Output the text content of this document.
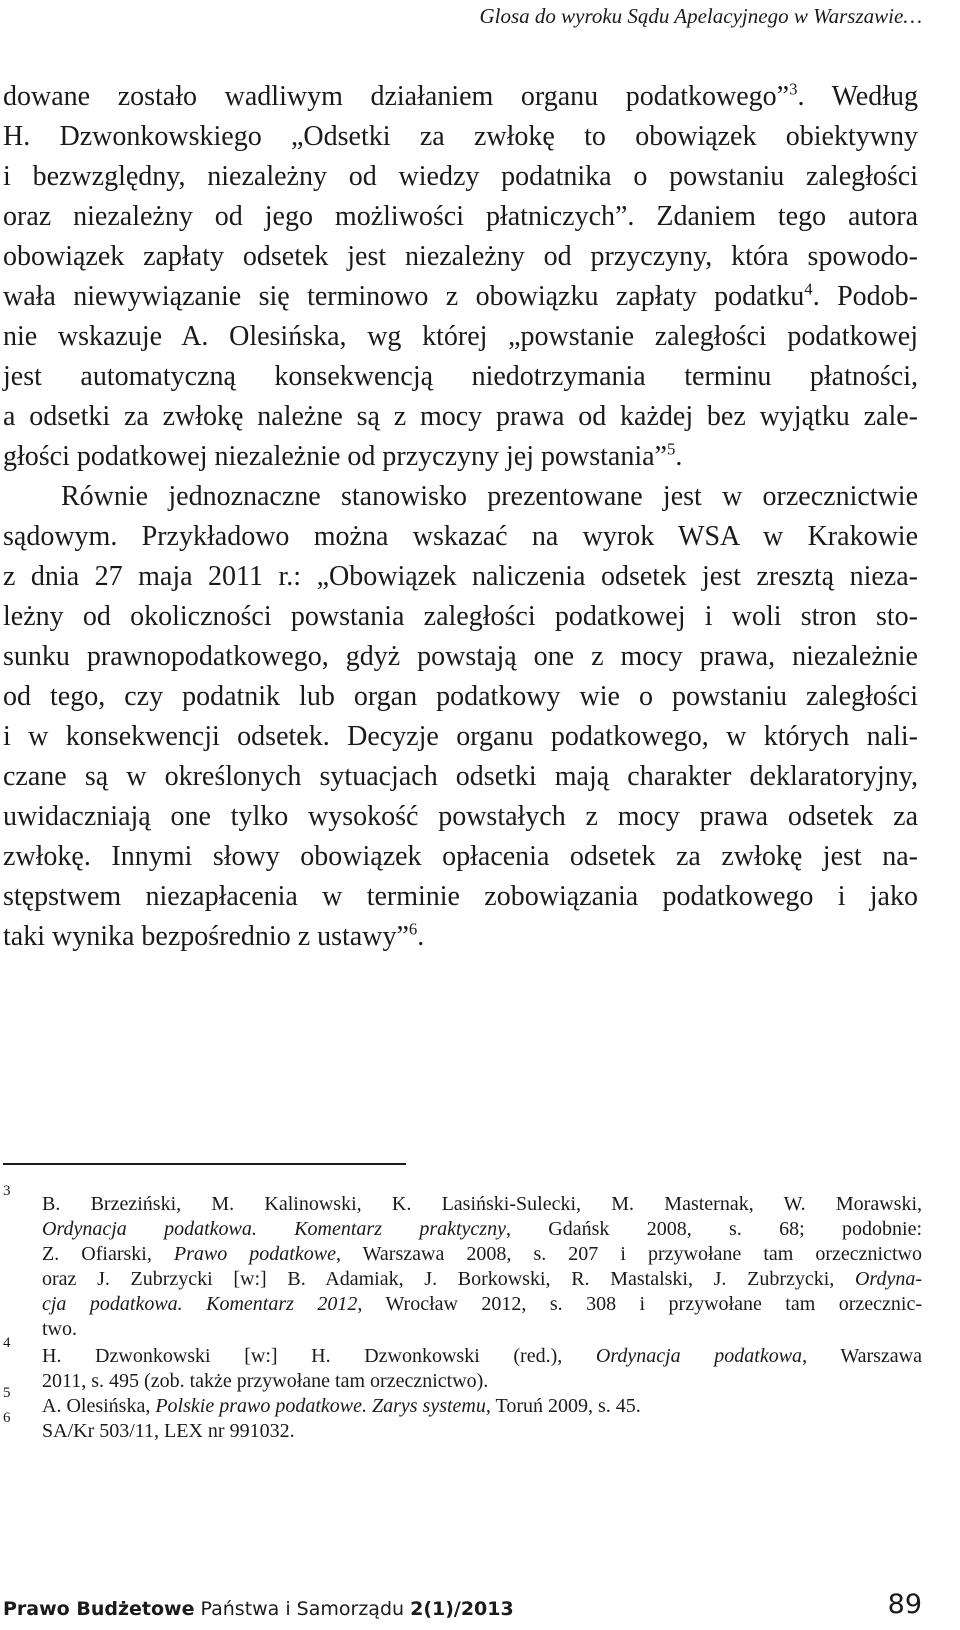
Glosa do wyroku Sądu Apelacyjnego w Warszawie…
dowane zostało wadliwym działaniem organu podatkowego”$^3$. Według
H. Dzwonkowskiego „Odsetki za zwłokę to obowiązek obiektywny
i bezwzględny, niezależny od wiedzy podatnika o powstaniu zaległości
oraz niezależny od jego możliwości płatniczych”. Zdaniem tego autora
obowiązek zapłaty odsetek jest niezależny od przyczyny, która spowodo-
wała niewywiązanie się terminowo z obowiązku zapłaty podatku$^4$. Podob-
nie wskazuje A. Olesińska, wg której „powstanie zaległości podatkowej
jest automatyczną konsekwencją niedotrzymania terminu płatności,
a odsetki za zwłokę należne są z mocy prawa od każdej bez wyjątku zale-
głości podatkowej niezależnie od przyczyny jej powstania”$^5$.
Równie jednoznaczne stanowisko prezentowane jest w orzecznictwie
sądowym. Przykładowo można wskazać na wyrok WSA w Krakowie
z dnia 27 maja 2011 r.: „Obowiązek naliczenia odsetek jest zresztą nieza-
leżny od okoliczności powstania zaległości podatkowej i woli stron sto-
sunku prawnopodatkowego, gdyż powstają one z mocy prawa, niezależnie
od tego, czy podatnik lub organ podatkowy wie o powstaniu zaległości
i w konsekwencji odsetek. Decyzje organu podatkowego, w których nali-
czane są w określonych sytuacjach odsetki mają charakter deklaratoryjny,
uwidaczniają one tylko wysokość powstałych z mocy prawa odsetek za
zwłokę. Innymi słowy obowiązek opłacenia odsetek za zwłokę jest na-
stępstwem niezapłacenia w terminie zobowiązania podatkowego i jako
taki wynika bezpośrednio z ustawy”$^6$.
3
B. Brzeziński, M. Kalinowski, K. Lasiński-Sulecki, M. Masternak, W. Morawski,
Ordynacja podatkowa. Komentarz praktyczny, Gdańsk 2008, s. 68; podobnie:
Z. Ofiarski, Prawo podatkowe, Warszawa 2008, s. 207 i przywołane tam orzecznictwo
oraz J. Zubrzycki [w:] B. Adamiak, J. Borkowski, R. Mastalski, J. Zubrzycki, Ordyna-
cja podatkowa. Komentarz 2012, Wrocław 2012, s. 308 i przywołane tam orzecznic-
two.
4
H. Dzwonkowski [w:] H. Dzwonkowski (red.), Ordynacja podatkowa, Warszawa
2011, s. 495 (zob. także przywołane tam orzecznictwo).
5
A. Olesińska, Polskie prawo podatkowe. Zarys systemu, Toruń 2009, s. 45.
6
SA/Kr 503/11, LEX nr 991032.
Prawo Budżetowe Państwa i Samorządu 2(1)/2013	89
